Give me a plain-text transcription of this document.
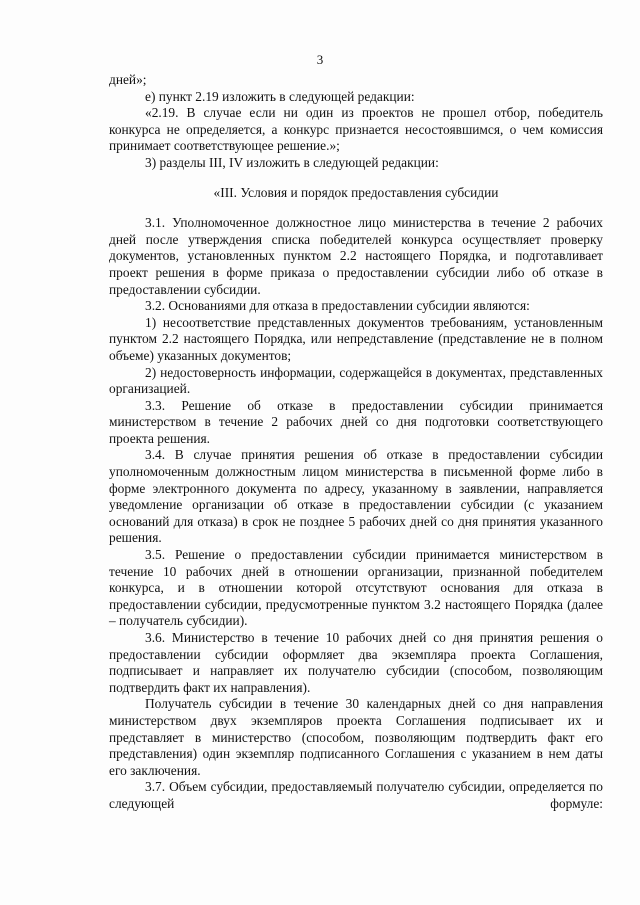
3

дней»;

е) пункт 2.19 изложить в следующей редакции:

«2.19. В случае если ни один из проектов не прошел отбор, победитель конкурса не определяется, а конкурс признается несостоявшимся, о чем комиссия принимает соответствующее решение.»;

3) разделы III, IV изложить в следующей редакции:

«III. Условия и порядок предоставления субсидии

3.1. Уполномоченное должностное лицо министерства в течение 2 рабочих дней после утверждения списка победителей конкурса осуществляет проверку документов, установленных пунктом 2.2 настоящего Порядка, и подготавливает проект решения в форме приказа о предоставлении субсидии либо об отказе в предоставлении субсидии.

3.2. Основаниями для отказа в предоставлении субсидии являются:

1) несоответствие представленных документов требованиям, установленным пунктом 2.2 настоящего Порядка, или непредставление (представление не в полном объеме) указанных документов;

2) недостоверность информации, содержащейся в документах, представленных организацией.

3.3. Решение об отказе в предоставлении субсидии принимается министерством в течение 2 рабочих дней со дня подготовки соответствующего проекта решения.

3.4. В случае принятия решения об отказе в предоставлении субсидии уполномоченным должностным лицом министерства в письменной форме либо в форме электронного документа по адресу, указанному в заявлении, направляется уведомление организации об отказе в предоставлении субсидии (с указанием оснований для отказа) в срок не позднее 5 рабочих дней со дня принятия указанного решения.

3.5. Решение о предоставлении субсидии принимается министерством в течение 10 рабочих дней в отношении организации, признанной победителем конкурса, и в отношении которой отсутствуют основания для отказа в предоставлении субсидии, предусмотренные пунктом 3.2 настоящего Порядка (далее – получатель субсидии).

3.6. Министерство в течение 10 рабочих дней со дня принятия решения о предоставлении субсидии оформляет два экземпляра проекта Соглашения, подписывает и направляет их получателю субсидии (способом, позволяющим подтвердить факт их направления).

Получатель субсидии в течение 30 календарных дней со дня направления министерством двух экземпляров проекта Соглашения подписывает их и представляет в министерство (способом, позволяющим подтвердить факт его представления) один экземпляр подписанного Соглашения с указанием в нем даты его заключения.

3.7. Объем субсидии, предоставляемый получателю субсидии, определяется по следующей формуле:
